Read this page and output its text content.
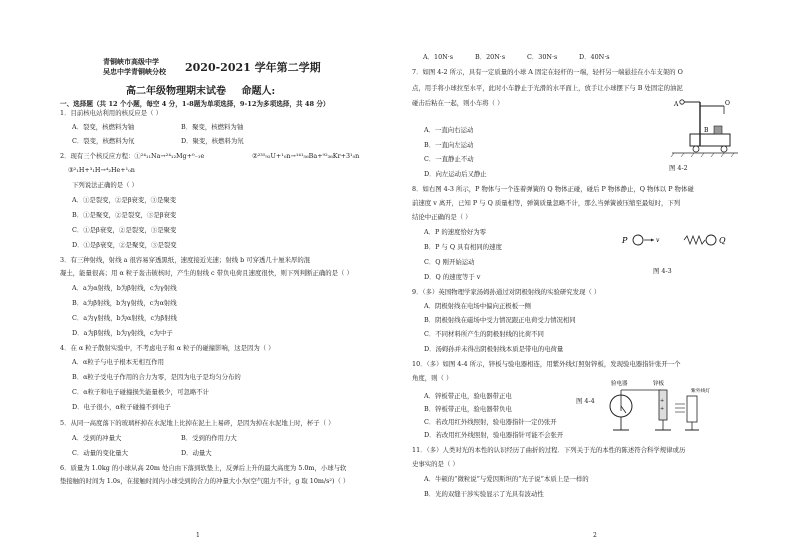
青铜峡市高级中学
吴忠中学青铜峡分校 2020-2021 学年第二学期
高二年级物理期末试卷 命题人:
一、选择题（共 12 个小题，每空 4 分，1-8题为单项选择，9-12为多项选择，共 48 分）
1．目前核电站利用的核反应是（ ）
A．裂变，核燃料为铀	B．聚变，核燃料为铀
C．裂变，核燃料为氘	D．聚变，核燃料为氘
2．现有三个核反应方程：①²⁴₁₁Na→²⁴₁₂Mg+⁰₋₁e	②²³⁵₉₂U+¹₀n→¹⁴¹₅₆Ba+⁹²₃₆Kr+3¹₀n
③²₁H+³₁H→⁴₂He+¹₀n
下列说法正确的是（ ）
A．①是裂变，②是β衰变，③是聚变
B．①是聚变，②是裂变，③是β衰变
C．①是β衰变，②是裂变，③是聚变
D．①是β衰变，②是聚变，③是裂变
3．有三种射线，射线 a 很容易穿透黑纸，速度接近光速；射线 b 可穿透几十厘米厚的混
凝土，能量很高；用 α 粒子轰击铍核时，产生的射线 c 带负电荷且速度很快，则下列判断正确的是（ ）
A．a为α射线，b为β射线，c为γ射线
B．a为β射线，b为γ射线，c为α射线
C．a为γ射线，b为α射线，c为β射线
D．a为β射线，b为γ射线，c为中子
4．在 α 粒子散射实验中，不考虑电子和 α 粒子的碰撞影响，这是因为（ ）
A．α粒子与电子根本无相互作用
B．α粒子受电子作用的合力为零，是因为电子是均匀分布的
C．α粒子和电子碰撞损失能量极少，可忽略不计
D．电子很小，α粒子碰撞不到电子
5．从同一高度落下的玻璃杯掉在水泥地上比掉在泥土上易碎，是因为掉在水泥地上时，杯子（ ）
A．受到的冲量大	B．受到的作用力大
C．动量的变化量大	D．动量大
6．质量为 1.0kg 的小球从高 20m 处自由下落到软垫上，反弹后上升的最大高度为 5.0m，小球与软
垫接触的时间为 1.0s，在接触时间内小球受到的合力的冲量大小为(空气阻力不计，g 取 10m/s²)（ ）
1
A．10N·s	B．20N·s	C．30N·s	D．40N·s
7．如图 4-2 所示，具有一定质量的小球 A 固定在轻杆的一端，轻杆另一端悬挂在小车支架的 O
点，用手将小球拉至水平，此时小车静止于光滑的水平面上，放手让小球摆下与 B 处固定的油泥
碰击后粘在一起，则小车将（ ）
A．一直向右运动
B．一直向左运动
C．一直静止不动
D．向左运动后又静止
A	O
B
图 4-2
8．如右图 4-3 所示，P 物体与一个连着弹簧的 Q 物体正碰，碰后 P 物体静止，Q 物体以 P 物体碰
前速度 v 离开，已知 P 与 Q 质量相等，弹簧质量忽略不计，那么当弹簧被压缩至最短时，下列
结论中正确的是（ ）
A．P 的速度恰好为零
B．P 与 Q 具有相同的速度
C．Q 刚开始运动
D．Q 的速度等于 v
P	v	Q
图 4-3
9．（多）英国物理学家汤姆孙通过对阴极射线的实验研究发现（ ）
A．阴极射线在电场中偏向正极板一侧
B．阴极射线在磁场中受力情况跟正电荷受力情况相同
C．不同材料所产生的阴极射线的比荷不同
D．汤姆孙并未得出阴极射线本质是带电的电荷量
10．（多）如图 4-4 所示，锌板与验电器相连，用紫外线灯照射锌板，发现验电器指针张开一个
角度，则（ ）
A．锌板带正电，验电器带正电
B．锌板带正电，验电器带负电
C．若改用红外线照射，验电器指针一定仍张开
D．若改用红外线照射，验电器指针可能不会张开
图 4-4
验电器	锌板
紫外线灯
+
+
11．（多）人类对光的本性的认识经历了曲折的过程．下列关于光的本性的陈述符合科学规律或历
史事实的是（ ）
A．牛顿的“微粒说”与爱因斯坦的“光子说”本质上是一样的
B．光的双缝干涉实验显示了光具有波动性
2
